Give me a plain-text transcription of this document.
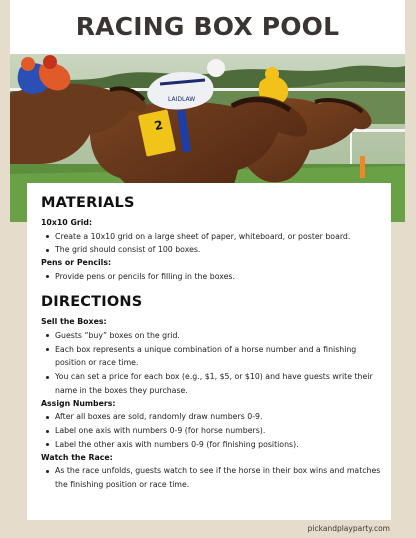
RACING BOX POOL
2
LAIDLAW
MATERIALS
10x10 Grid:
Create a 10x10 grid on a large sheet of paper, whiteboard, or poster board.
The grid should consist of 100 boxes.
Pens or Pencils:
Provide pens or pencils for filling in the boxes.
DIRECTIONS
Sell the Boxes:
Guests “buy” boxes on the grid.
Each box represents a unique combination of a horse number and a finishing position or race time.
You can set a price for each box (e.g., $1, $5, or $10) and have guests write their name in the boxes they purchase.
Assign Numbers:
After all boxes are sold, randomly draw numbers 0-9.
Label one axis with numbers 0-9 (for horse numbers).
Label the other axis with numbers 0-9 (for finishing positions).
Watch the Race:
As the race unfolds, guests watch to see if the horse in their box wins and matches the finishing position or race time.
pickandplayparty.com
